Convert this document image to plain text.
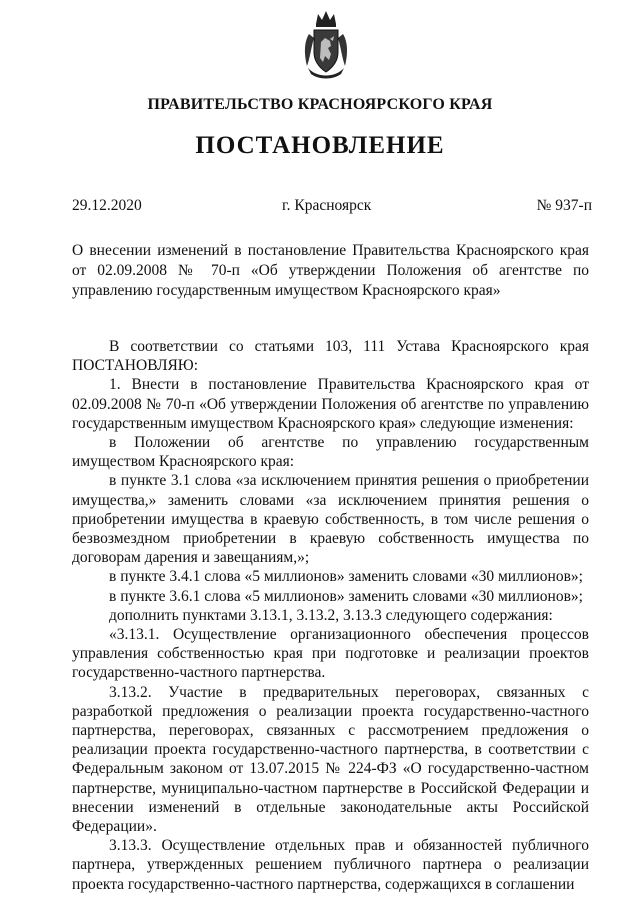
ПРАВИТЕЛЬСТВО КРАСНОЯРСКОГО КРАЯ
ПОСТАНОВЛЕНИЕ
29.12.2020	г. Красноярск	№ 937-п
О внесении изменений в постановление Правительства Красноярского края от 02.09.2008 № 70-п «Об утверждении Положения об агентстве по управлению государственным имуществом Красноярского края»

В соответствии со статьями 103, 111 Устава Красноярского края ПОСТАНОВЛЯЮ:

1. Внести в постановление Правительства Красноярского края от 02.09.2008 № 70-п «Об утверждении Положения об агентстве по управлению государственным имуществом Красноярского края» следующие изменения:

в Положении об агентстве по управлению государственным имуществом Красноярского края:

в пункте 3.1 слова «за исключением принятия решения о приобретении имущества,» заменить словами «за исключением принятия решения о приобретении имущества в краевую собственность, в том числе решения о безвозмездном приобретении в краевую собственность имущества по договорам дарения и завещаниям,»;

в пункте 3.4.1 слова «5 миллионов» заменить словами «30 миллионов»;

в пункте 3.6.1 слова «5 миллионов» заменить словами «30 миллионов»;

дополнить пунктами 3.13.1, 3.13.2, 3.13.3 следующего содержания:

«3.13.1. Осуществление организационного обеспечения процессов управления собственностью края при подготовке и реализации проектов государственно-частного партнерства.

3.13.2. Участие в предварительных переговорах, связанных с разработкой предложения о реализации проекта государственно-частного партнерства, переговорах, связанных с рассмотрением предложения о реализации проекта государственно-частного партнерства, в соответствии с Федеральным законом от 13.07.2015 № 224-ФЗ «О государственно-частном партнерстве, муниципально-частном партнерстве в Российской Федерации и внесении изменений в отдельные законодательные акты Российской Федерации».

3.13.3. Осуществление отдельных прав и обязанностей публичного партнера, утвержденных решением публичного партнера о реализации проекта государственно-частного партнерства, содержащихся в соглашении
